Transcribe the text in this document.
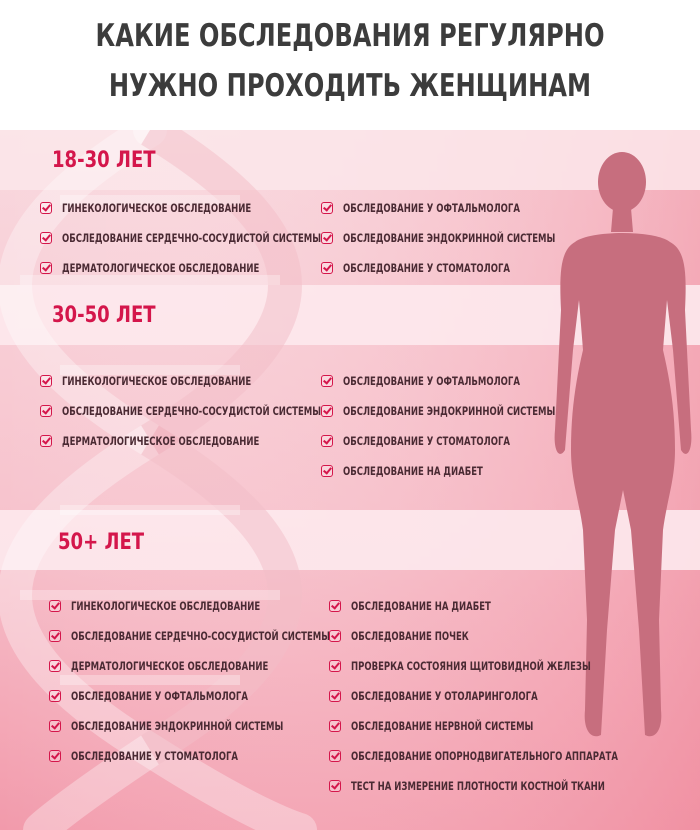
КАКИЕ ОБСЛЕДОВАНИЯ РЕГУЛЯРНО
НУЖНО ПРОХОДИТЬ ЖЕНЩИНАМ
18-30 ЛЕТ
ГИНЕКОЛОГИЧЕСКОЕ ОБСЛЕДОВАНИЕ
ОБСЛЕДОВАНИЕ СЕРДЕЧНО-СОСУДИСТОЙ СИСТЕМЫ
ДЕРМАТОЛОГИЧЕСКОЕ ОБСЛЕДОВАНИЕ
ОБСЛЕДОВАНИЕ У ОФТАЛЬМОЛОГА
ОБСЛЕДОВАНИЕ ЭНДОКРИННОЙ СИСТЕМЫ
ОБСЛЕДОВАНИЕ У СТОМАТОЛОГА
30-50 ЛЕТ
ГИНЕКОЛОГИЧЕСКОЕ ОБСЛЕДОВАНИЕ
ОБСЛЕДОВАНИЕ СЕРДЕЧНО-СОСУДИСТОЙ СИСТЕМЫ
ДЕРМАТОЛОГИЧЕСКОЕ ОБСЛЕДОВАНИЕ
ОБСЛЕДОВАНИЕ У ОФТАЛЬМОЛОГА
ОБСЛЕДОВАНИЕ ЭНДОКРИННОЙ СИСТЕМЫ
ОБСЛЕДОВАНИЕ У СТОМАТОЛОГА
ОБСЛЕДОВАНИЕ НА ДИАБЕТ
50+ ЛЕТ
ГИНЕКОЛОГИЧЕСКОЕ ОБСЛЕДОВАНИЕ
ОБСЛЕДОВАНИЕ СЕРДЕЧНО-СОСУДИСТОЙ СИСТЕМЫ
ДЕРМАТОЛОГИЧЕСКОЕ ОБСЛЕДОВАНИЕ
ОБСЛЕДОВАНИЕ У ОФТАЛЬМОЛОГА
ОБСЛЕДОВАНИЕ ЭНДОКРИННОЙ СИСТЕМЫ
ОБСЛЕДОВАНИЕ У СТОМАТОЛОГА
ОБСЛЕДОВАНИЕ НА ДИАБЕТ
ОБСЛЕДОВАНИЕ ПОЧЕК
ПРОВЕРКА СОСТОЯНИЯ ЩИТОВИДНОЙ ЖЕЛЕЗЫ
ОБСЛЕДОВАНИЕ У ОТОЛАРИНГОЛОГА
ОБСЛЕДОВАНИЕ НЕРВНОЙ СИСТЕМЫ
ОБСЛЕДОВАНИЕ ОПОРНОДВИГАТЕЛЬНОГО АППАРАТА
ТЕСТ НА ИЗМЕРЕНИЕ ПЛОТНОСТИ КОСТНОЙ ТКАНИ
